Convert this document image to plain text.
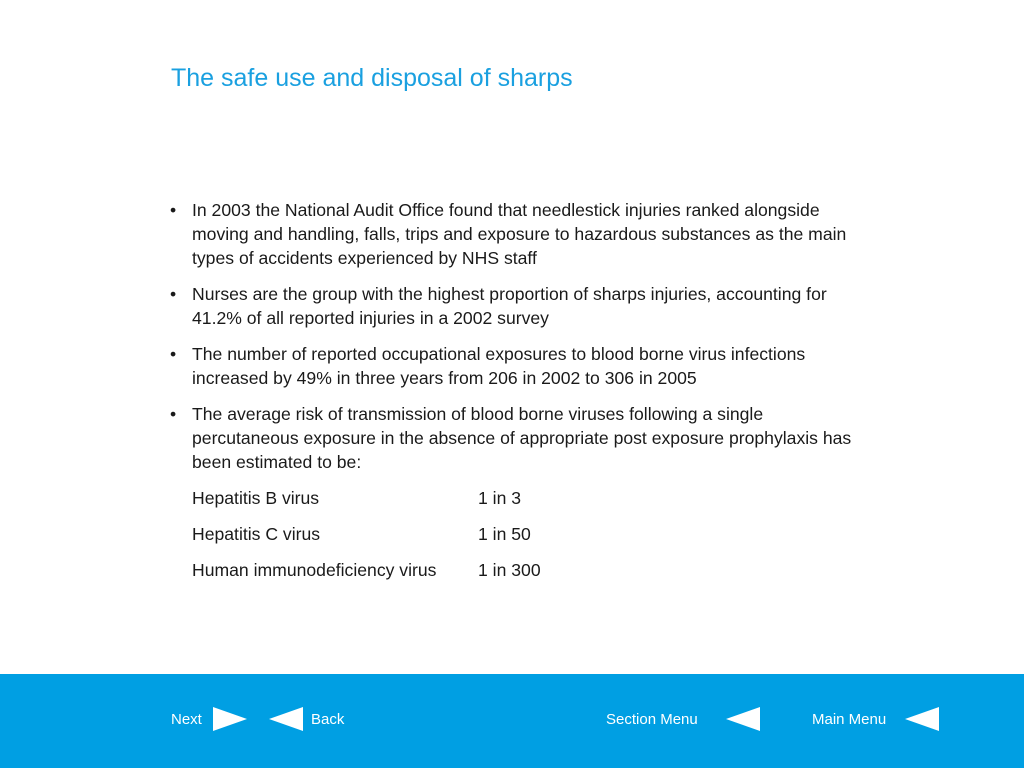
The safe use and disposal of sharps
• In 2003 the National Audit Office found that needlestick injuries ranked alongside moving and handling, falls, trips and exposure to hazardous substances as the main types of accidents experienced by NHS staff
• Nurses are the group with the highest proportion of sharps injuries, accounting for 41.2% of all reported injuries in a 2002 survey
• The number of reported occupational exposures to blood borne virus infections increased by 49% in three years from 206 in 2002 to 306 in 2005
• The average risk of transmission of blood borne viruses following a single percutaneous exposure in the absence of appropriate post exposure prophylaxis has been estimated to be:
Hepatitis B virus	1 in 3
Hepatitis C virus	1 in 50
Human immunodeficiency virus	1 in 300
Next	Back	Section Menu	Main Menu
